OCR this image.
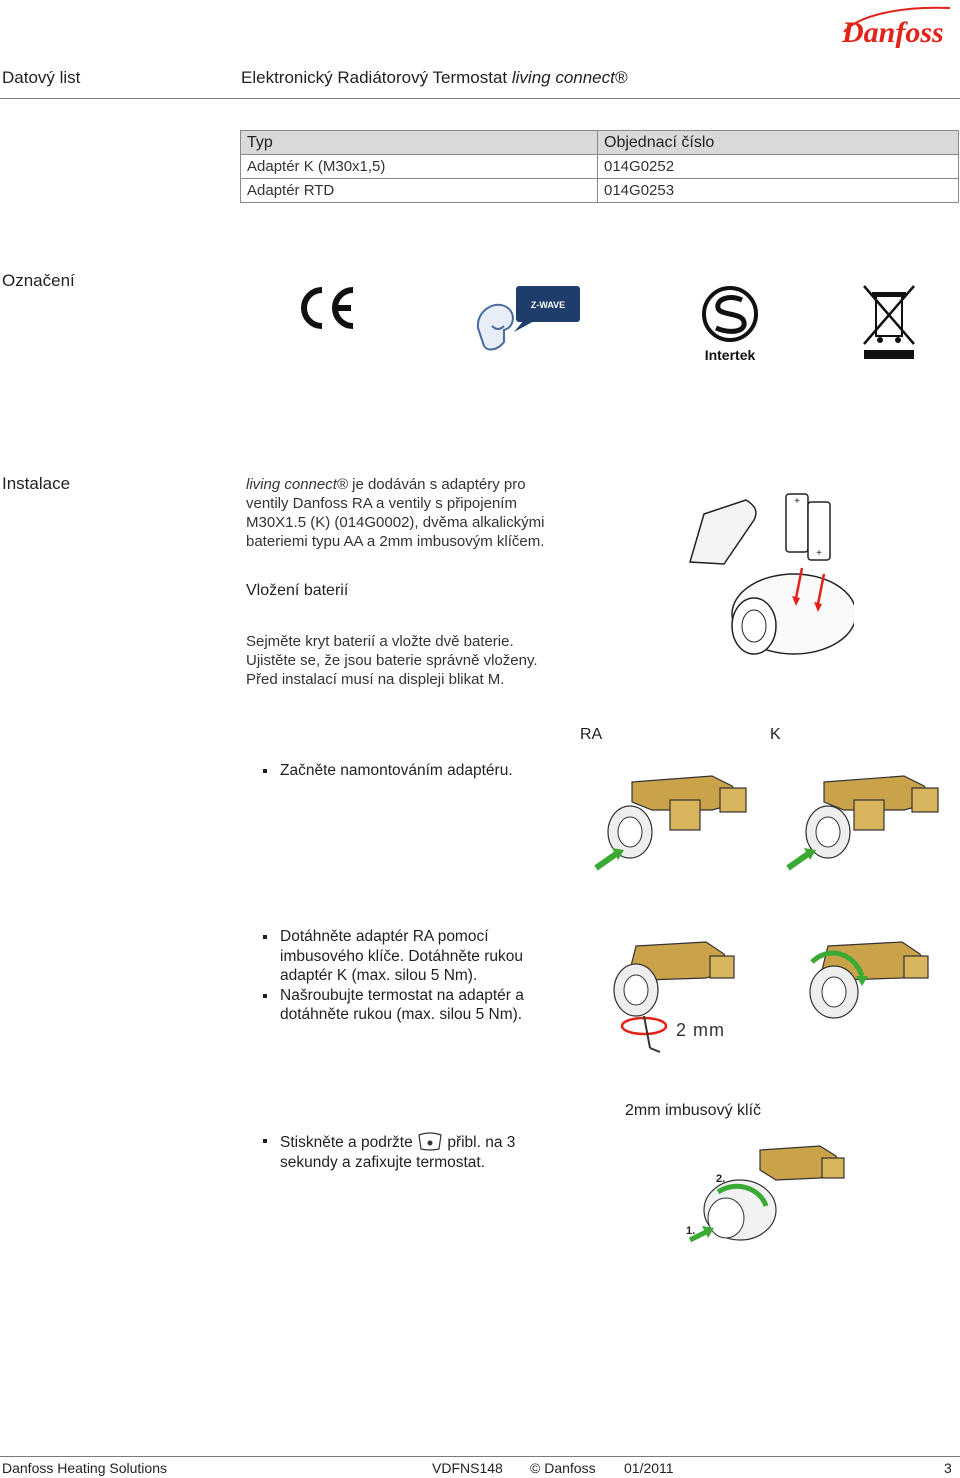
Danfoss
Datový list	Elektronický Radiátorový Termostat living connect®
Typ	Objednací číslo
Adaptér K (M30x1,5)	014G0252
Adaptér RTD	014G0253
Označení
Z-WAVE
Intertek
Instalace	living connect® je dodáván s adaptéry pro
ventily Danfoss RA a ventily s připojením
M30X1.5 (K) (014G0002), dvěma alkalickými
bateriemi typu AA a 2mm imbusovým klíčem.
Vložení baterií
Sejměte kryt baterií a vložte dvě baterie.
Ujistěte se, že jsou baterie správně vloženy.
Před instalací musí na displeji blikat M.
+
+
RA	K
Začněte namontováním adaptéru.
Dotáhněte adaptér RA pomocí imbusového klíče. Dotáhněte rukou adaptér K (max. silou 5 Nm).
Našroubujte termostat na adaptér a dotáhněte rukou (max. silou 5 Nm).
2 mm
2mm imbusový klíč
Stiskněte a podržte přibl. na 3 sekundy a zafixujte termostat.
2.
1.
Danfoss Heating Solutions	VDFNS148 © Danfoss 01/2011	3
